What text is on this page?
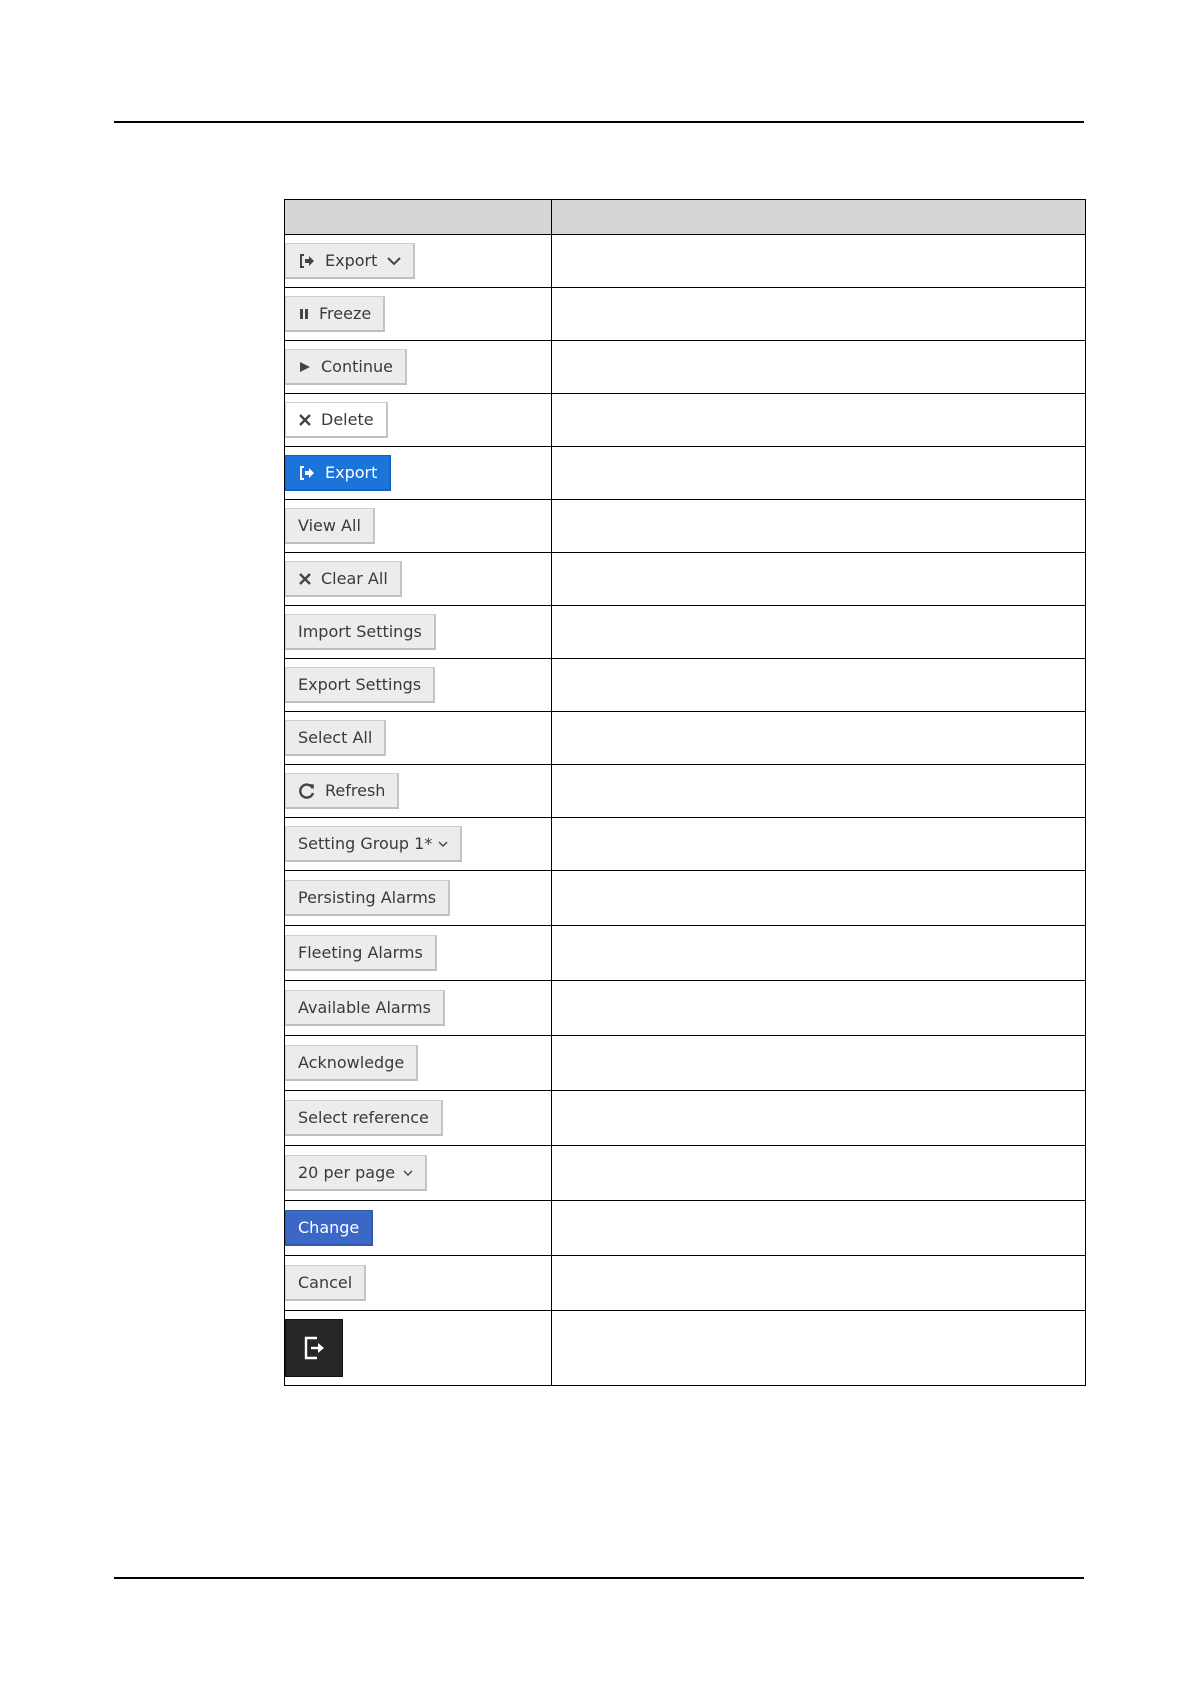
Export	

Freeze	

Continue	

Delete	

Export	

View All	

Clear All	

Import Settings	

Export Settings	

Select All	

Refresh	

Setting Group 1*	

Persisting Alarms	

Fleeting Alarms	

Available Alarms	

Acknowledge	

Select reference	

20 per page	

Change	

Cancel	
